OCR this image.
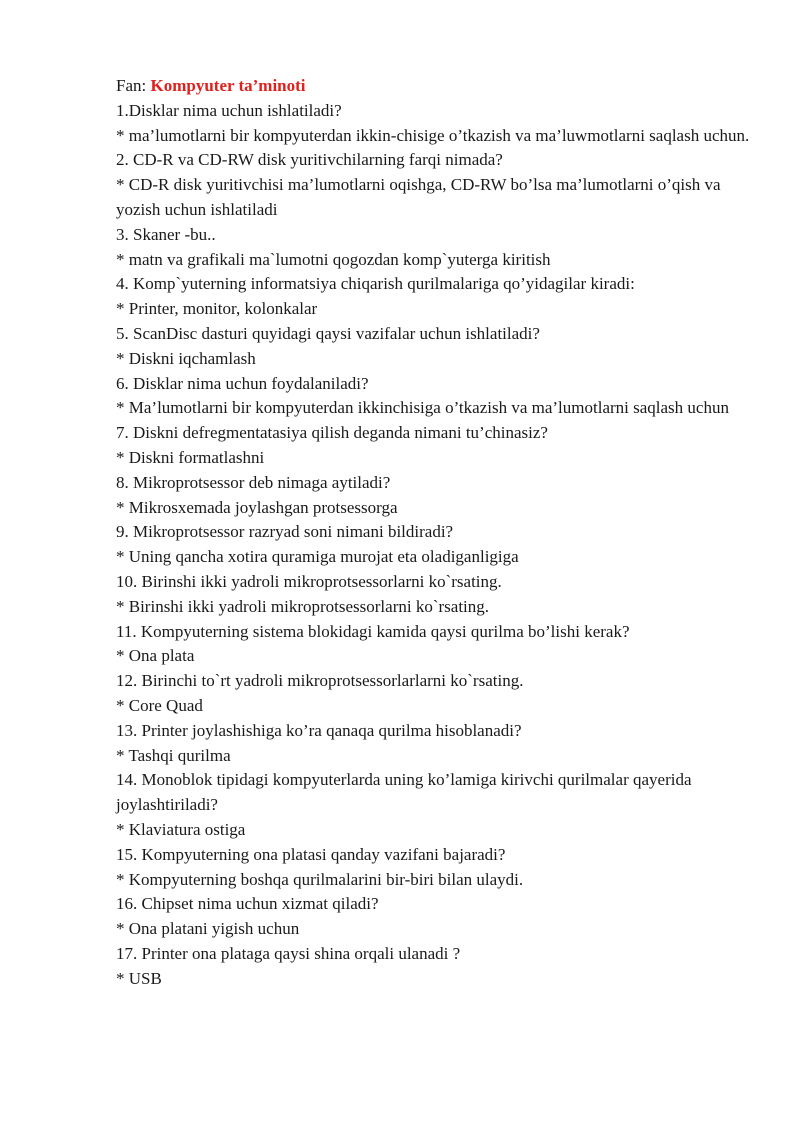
Fan: Kompyuter ta’minoti

1.Disklar nima uchun ishlatiladi?

* ma’lumotlarni bir kompyuterdan ikkin-chisige o’tkazish va ma’luwmotlarni saqlash uchun.

2. CD-R va CD-RW disk yuritivchilarning farqi nimada?

* CD-R disk yuritivchisi ma’lumotlarni oqishga, CD-RW bo’lsa ma’lumotlarni o’qish va yozish uchun ishlatiladi

3. Skaner -bu..

* matn va grafikali ma`lumotni qogozdan komp`yuterga kiritish

4. Komp`yuterning informatsiya chiqarish qurilmalariga qo’yidagilar kiradi:

* Printer, monitor, kolonkalar

5. ScanDisc dasturi quyidagi qaysi vazifalar uchun ishlatiladi?

* Diskni iqchamlash

6. Disklar nima uchun foydalaniladi?

* Ma’lumotlarni bir kompyuterdan ikkinchisiga o’tkazish va ma’lumotlarni saqlash uchun

7. Diskni defregmentatasiya qilish deganda nimani tu’chinasiz?

* Diskni formatlashni

8. Mikroprotsessor deb nimaga aytiladi?

* Mikrosxemada joylashgan protsessorga

9. Mikroprotsessor razryad soni nimani bildiradi?

* Uning qancha xotira quramiga murojat eta oladiganligiga

10. Birinshi ikki yadroli mikroprotsessorlarni ko`rsating.

* Birinshi ikki yadroli mikroprotsessorlarni ko`rsating.

11. Kompyuterning sistema blokidagi kamida qaysi qurilma bo’lishi kerak?

* Ona plata

12. Birinchi to`rt yadroli mikroprotsessorlarlarni ko`rsating.

* Core Quad

13. Printer joylashishiga ko’ra qanaqa qurilma hisoblanadi?

* Tashqi qurilma

14. Monoblok tipidagi kompyuterlarda uning ko’lamiga kirivchi qurilmalar qayerida joylashtiriladi?

* Klaviatura ostiga

15. Kompyuterning ona platasi qanday vazifani bajaradi?

* Kompyuterning boshqa qurilmalarini bir-biri bilan ulaydi.

16. Chipset nima uchun xizmat qiladi?

* Ona platani yigish uchun

17. Printer ona plataga qaysi shina orqali ulanadi ?

* USB
